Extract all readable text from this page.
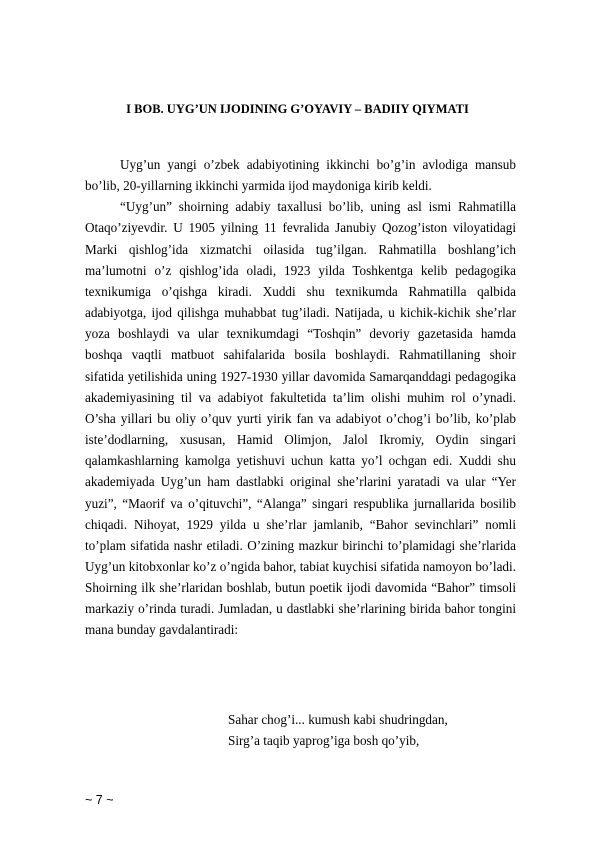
I BOB. UYG’UN IJODINING G’OYAVIY – BADIIY QIYMATI

Uyg’un yangi o’zbek adabiyotining ikkinchi bo’g’in avlodiga mansub bo’lib, 20-yillarning ikkinchi yarmida ijod maydoniga kirib keldi.

“Uyg’un” shoirning adabiy taxallusi bo’lib, uning asl ismi Rahmatilla Otaqo’ziyevdir. U 1905 yilning 11 fevralida Janubiy Qozog’iston viloyatidagi Marki qishlog’ida xizmatchi oilasida tug’ilgan. Rahmatilla boshlang’ich ma’lumotni o’z qishlog’ida oladi, 1923 yilda Toshkentga kelib pedagogika texnikumiga o’qishga kiradi. Xuddi shu texnikumda Rahmatilla qalbida adabiyotga, ijod qilishga muhabbat tug’iladi. Natijada, u kichik-kichik she’rlar yoza boshlaydi va ular texnikumdagi “Toshqin” devoriy gazetasida hamda boshqa vaqtli matbuot sahifalarida bosila boshlaydi. Rahmatillaning shoir sifatida yetilishida uning 1927-1930 yillar davomida Samarqanddagi pedagogika akademiyasining til va adabiyot fakultetida ta’lim olishi muhim rol o’ynadi. O’sha yillari bu oliy o’quv yurti yirik fan va adabiyot o’chog’i bo’lib, ko’plab iste’dodlarning, xususan, Hamid Olimjon, Jalol Ikromiy, Oydin singari qalamkashlarning kamolga yetishuvi uchun katta yo’l ochgan edi. Xuddi shu akademiyada Uyg’un ham dastlabki original she’rlarini yaratadi va ular “Yer yuzi”, “Maorif va o’qituvchi”, “Alanga” singari respublika jurnallarida bosilib chiqadi. Nihoyat, 1929 yilda u she’rlar jamlanib, “Bahor sevinchlari” nomli to’plam sifatida nashr etiladi. O’zining mazkur birinchi to’plamidagi she’rlarida Uyg’un kitobxonlar ko’z o’ngida bahor, tabiat kuychisi sifatida namoyon bo’ladi. Shoirning ilk she’rlaridan boshlab, butun poetik ijodi davomida “Bahor” timsoli markaziy o’rinda turadi. Jumladan, u dastlabki she’rlarining birida bahor tongini mana bunday gavdalantiradi:

Sahar chog’i... kumush kabi shudringdan,
Sirg’a taqib yaprog’iga bosh qo’yib,
~ 7 ~
